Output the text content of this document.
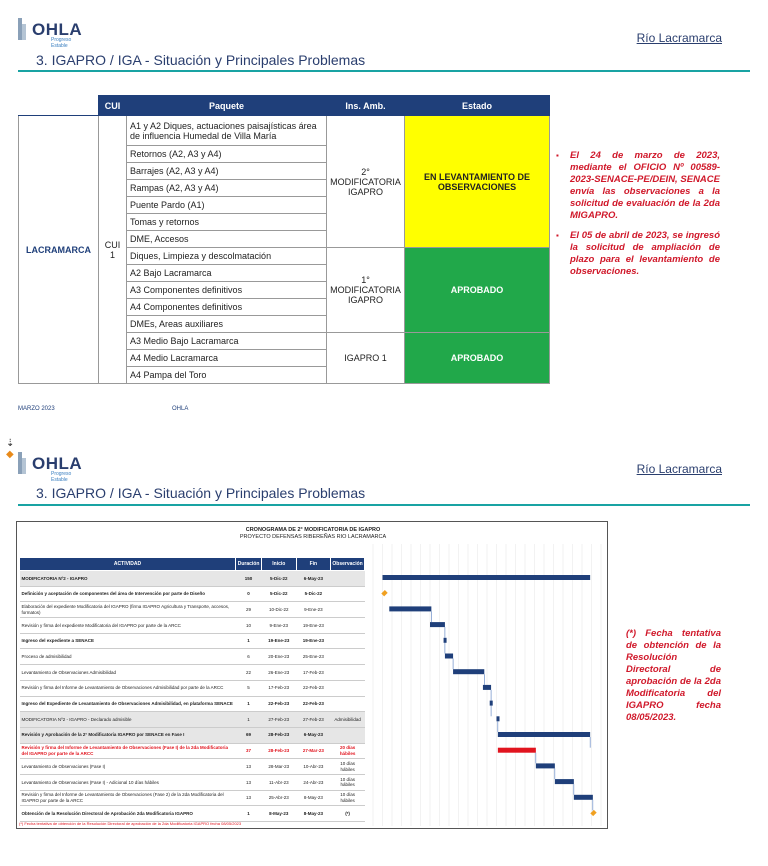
OHLA
Progreso Estable
Río Lacramarca
3. IGAPRO / IGA - Situación y Principales Problemas
	CUI	Paquete	Ins. Amb.	Estado
LACRAMARCA	CUI 1	A1 y A2 Diques, actuaciones paisajísticas área de influencia Humedal de Villa María	2° MODIFICATORIA IGAPRO	EN LEVANTAMIENTO DE OBSERVACIONES
		Retornos (A2, A3 y A4)		
		Barrajes (A2, A3 y A4)		
		Rampas (A2, A3 y A4)		
		Puente Pardo (A1)		
		Tomas y retornos		
		DME, Accesos		
		Diques, Limpieza y descolmatación	1° MODIFICATORIA IGAPRO	APROBADO
		A2 Bajo Lacramarca		
		A3 Componentes definitivos		
		A4 Componentes definitivos		
		DMEs, Areas auxiliares		
		A3 Medio Bajo Lacramarca	IGAPRO 1	APROBADO
		A4 Medio Lacramarca		
		A4 Pampa del Toro		
▪ El 24 de marzo de 2023, mediante el OFICIO Nº 00589-2023-SENACE-PE/DEIN, SENACE envía las observaciones a la solicitud de evaluación de la 2da MIGAPRO.
▪ El 05 de abril de 2023, se ingresó la solicitud de ampliación de plazo para el levantamiento de observaciones.
MARZO 2023	OHLA
⇣
◆ OHLA
Progreso Estable
Río Lacramarca
3. IGAPRO / IGA - Situación y Principales Problemas
CRONOGRAMA DE 2° MODIFICATORIA DE IGAPRO
PROYECTO DEFENSAS RIBEREÑAS RIO LACRAMARCA
ACTIVIDAD	Duración	Inicio	Fin	Observación
MODIFICATORIA Nº2 - IGAPRO	150	5-Dic-22	6-May-23	
Definición y aceptación de componentes del área de Intervención por parte de Diseño	0	5-Dic-22	5-Dic-22	
Elaboración del expediente Modificatoria del IGAPRO (firma IGAPRO Agricultura y Transporte, accesos, formatos)	29	10-Dic-22	9-Ene-23	
Revisión y firma del expediente Modificatoria del IGAPRO por parte de la ARCC	10	9-Ene-23	19-Ene-23	
Ingreso del expediente a SENACE	1	19-Ene-23	19-Ene-23	
Proceso de admisibilidad	6	20-Ene-23	25-Ene-23	
Levantamiento de Observaciones Admisibilidad	22	26-Ene-23	17-Feb-23	
Revisión y firma del Informe de Levantamiento de Observaciones Admisibilidad por parte de la ARCC	5	17-Feb-23	22-Feb-23	
Ingreso del Expediente de Levantamiento de Observaciones Admisibilidad, en plataforma SENACE	1	22-Feb-23	22-Feb-23	
MODIFICATORIA Nº2 - IGAPRO - Declarado admisible	1	27-Feb-23	27-Feb-23	Admisibilidad
Revisión y Aprobación de la 2° Modificatoria IGAPRO por SENACE en Fase I	69	28-Feb-23	6-May-23	
Revisión y firma del Informe de Levantamiento de Observaciones (Fase I) de la 2da Modificatoria del IGAPRO por parte de la ARCC	37	28-Feb-23	27-Mar-23	20 días hábiles
Levantamiento de Observaciones (Fase I)	13	28-Mar-23	10-Abr-23	10 días hábiles
Levantamiento de Observaciones (Fase I) - Adicional 10 días hábiles	13	11-Abr-23	24-Abr-23	10 días hábiles
Revisión y firma del Informe de Levantamiento de Observaciones (Fase 2) de la 2da Modificatoria del IGAPRO por parte de la ARCC	13	25-Abr-23	8-May-23	10 días hábiles
Obtención de la Resolución Directoral de Aprobación 2da Modificatoria IGAPRO	1	8-May-23	8-May-23	(*)
(*) Fecha tentativa de obtención de la Resolución Directoral de aprobación de la 2da Modificatoria IGAPRO fecha 08/05/2023
(*) Fecha tentativa de obtención de la Resolución Directoral de aprobación de la 2da Modificatoria del IGAPRO fecha 08/05/2023.
